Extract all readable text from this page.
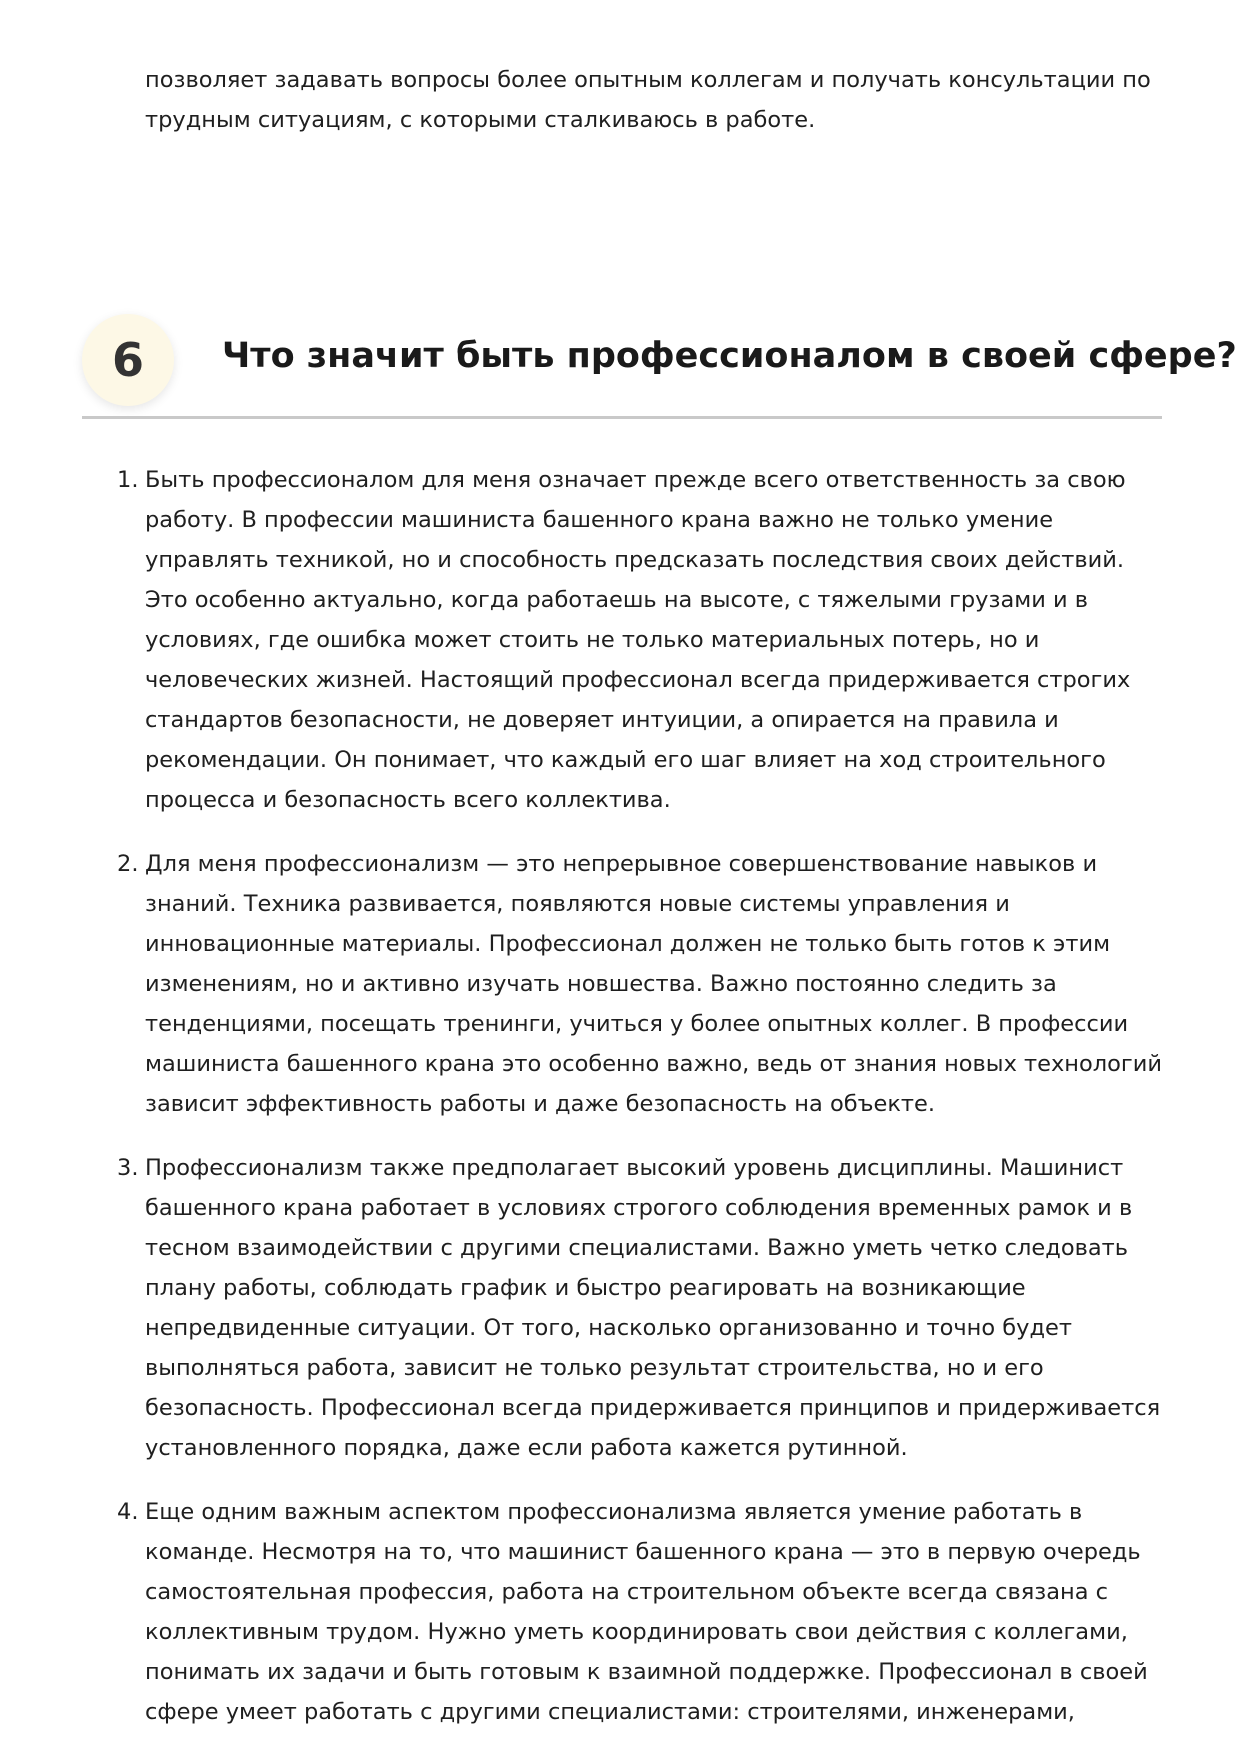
позволяет задавать вопросы более опытным коллегам и получать консультации по трудным ситуациям, с которыми сталкиваюсь в работе.

6	Что значит быть профессионалом в своей сфере?
1. Быть профессионалом для меня означает прежде всего ответственность за свою работу. В профессии машиниста башенного крана важно не только умение управлять техникой, но и способность предсказать последствия своих действий. Это особенно актуально, когда работаешь на высоте, с тяжелыми грузами и в условиях, где ошибка может стоить не только материальных потерь, но и человеческих жизней. Настоящий профессионал всегда придерживается строгих стандартов безопасности, не доверяет интуиции, а опирается на правила и рекомендации. Он понимает, что каждый его шаг влияет на ход строительного процесса и безопасность всего коллектива.
2. Для меня профессионализм — это непрерывное совершенствование навыков и знаний. Техника развивается, появляются новые системы управления и инновационные материалы. Профессионал должен не только быть готов к этим изменениям, но и активно изучать новшества. Важно постоянно следить за тенденциями, посещать тренинги, учиться у более опытных коллег. В профессии машиниста башенного крана это особенно важно, ведь от знания новых технологий зависит эффективность работы и даже безопасность на объекте.
3. Профессионализм также предполагает высокий уровень дисциплины. Машинист башенного крана работает в условиях строгого соблюдения временных рамок и в тесном взаимодействии с другими специалистами. Важно уметь четко следовать плану работы, соблюдать график и быстро реагировать на возникающие непредвиденные ситуации. От того, насколько организованно и точно будет выполняться работа, зависит не только результат строительства, но и его безопасность. Профессионал всегда придерживается принципов и придерживается установленного порядка, даже если работа кажется рутинной.
4. Еще одним важным аспектом профессионализма является умение работать в команде. Несмотря на то, что машинист башенного крана — это в первую очередь самостоятельная профессия, работа на строительном объекте всегда связана с коллективным трудом. Нужно уметь координировать свои действия с коллегами, понимать их задачи и быть готовым к взаимной поддержке. Профессионал в своей сфере умеет работать с другими специалистами: строителями, инженерами,
